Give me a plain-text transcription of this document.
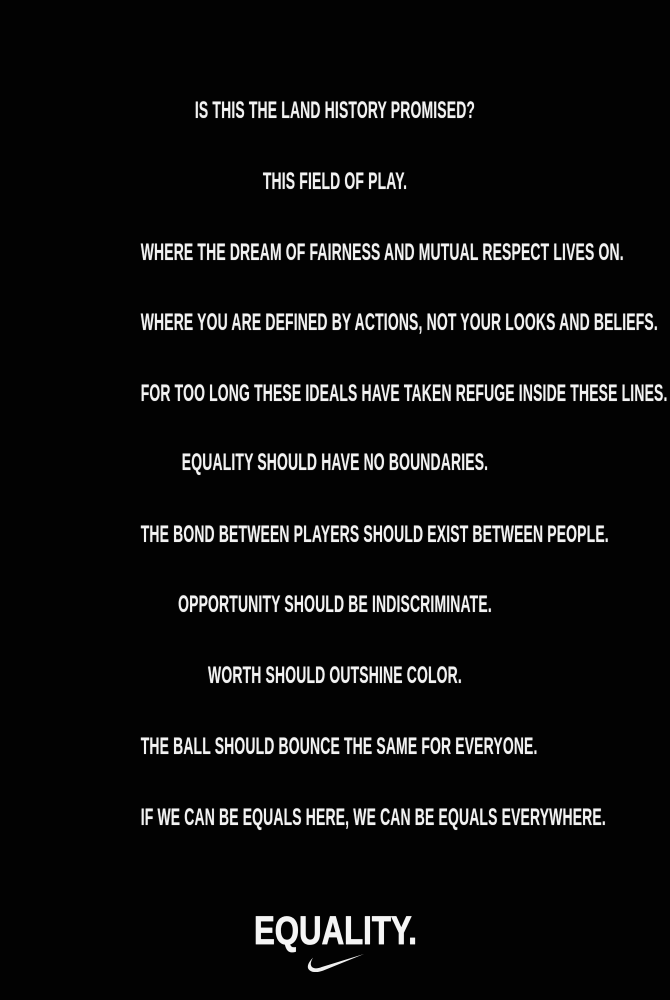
IS THIS THE LAND HISTORY PROMISED?
THIS FIELD OF PLAY.
WHERE THE DREAM OF FAIRNESS AND MUTUAL RESPECT LIVES ON.
WHERE YOU ARE DEFINED BY ACTIONS, NOT YOUR LOOKS AND BELIEFS.
FOR TOO LONG THESE IDEALS HAVE TAKEN REFUGE INSIDE THESE LINES.
EQUALITY SHOULD HAVE NO BOUNDARIES.
THE BOND BETWEEN PLAYERS SHOULD EXIST BETWEEN PEOPLE.
OPPORTUNITY SHOULD BE INDISCRIMINATE.
WORTH SHOULD OUTSHINE COLOR.
THE BALL SHOULD BOUNCE THE SAME FOR EVERYONE.
IF WE CAN BE EQUALS HERE, WE CAN BE EQUALS EVERYWHERE.
EQUALITY.
